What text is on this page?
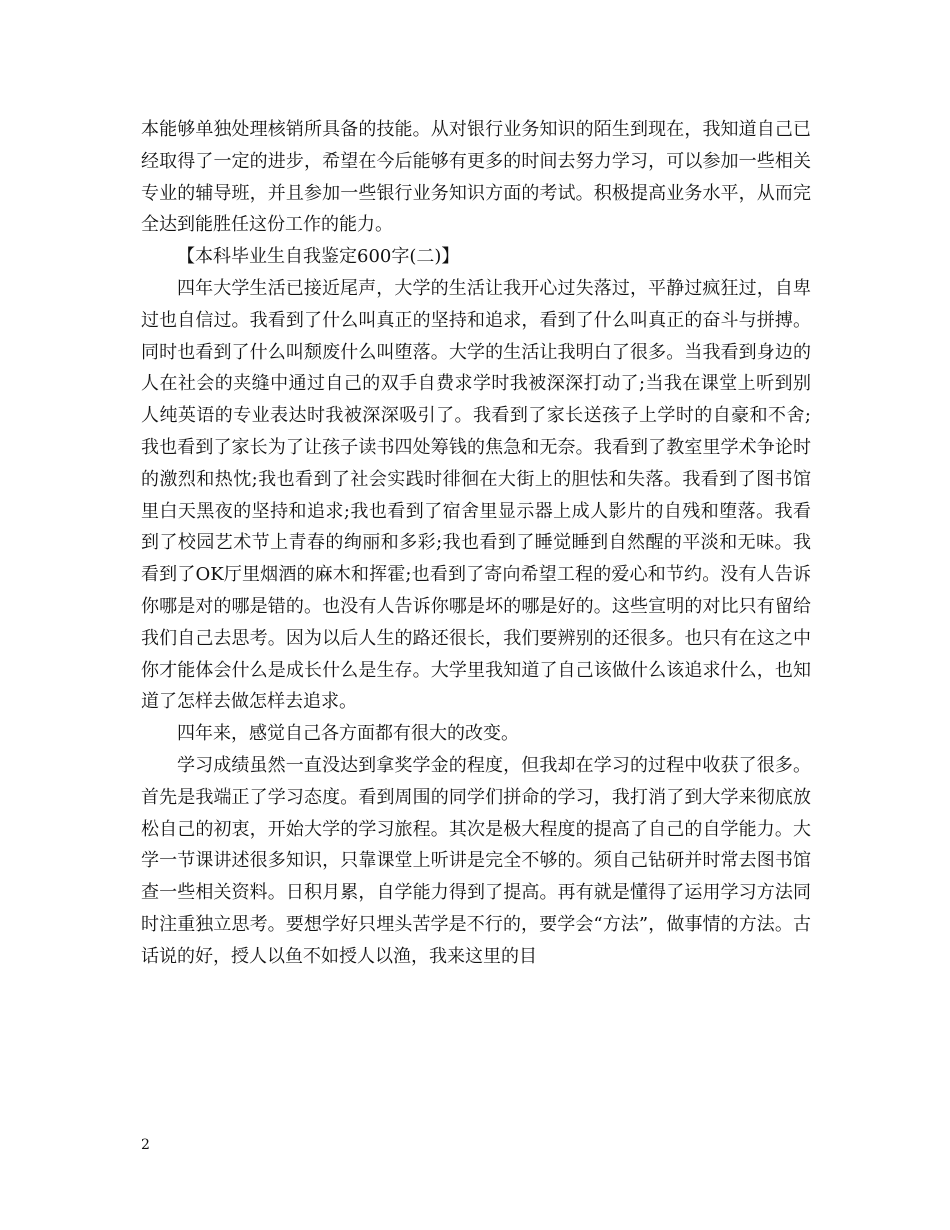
本能够单独处理核销所具备的技能。从对银行业务知识的陌生到现在，我知道自己已经取得了一定的进步，希望在今后能够有更多的时间去努力学习，可以参加一些相关专业的辅导班，并且参加一些银行业务知识方面的考试。积极提高业务水平，从而完全达到能胜任这份工作的能力。

【本科毕业生自我鉴定600字(二)】

四年大学生活已接近尾声，大学的生活让我开心过失落过，平静过疯狂过，自卑过也自信过。我看到了什么叫真正的坚持和追求，看到了什么叫真正的奋斗与拼搏。同时也看到了什么叫颓废什么叫堕落。大学的生活让我明白了很多。当我看到身边的人在社会的夹缝中通过自己的双手自费求学时我被深深打动了;当我在课堂上听到别人纯英语的专业表达时我被深深吸引了。我看到了家长送孩子上学时的自豪和不舍;我也看到了家长为了让孩子读书四处筹钱的焦急和无奈。我看到了教室里学术争论时的激烈和热忱;我也看到了社会实践时徘徊在大街上的胆怯和失落。我看到了图书馆里白天黑夜的坚持和追求;我也看到了宿舍里显示器上成人影片的自残和堕落。我看到了校园艺术节上青春的绚丽和多彩;我也看到了睡觉睡到自然醒的平淡和无味。我看到了OK厅里烟酒的麻木和挥霍;也看到了寄向希望工程的爱心和节约。没有人告诉你哪是对的哪是错的。也没有人告诉你哪是坏的哪是好的。这些宣明的对比只有留给我们自己去思考。因为以后人生的路还很长，我们要辨别的还很多。也只有在这之中你才能体会什么是成长什么是生存。大学里我知道了自己该做什么该追求什么，也知道了怎样去做怎样去追求。

四年来，感觉自己各方面都有很大的改变。

学习成绩虽然一直没达到拿奖学金的程度，但我却在学习的过程中收获了很多。首先是我端正了学习态度。看到周围的同学们拼命的学习，我打消了到大学来彻底放松自己的初衷，开始大学的学习旅程。其次是极大程度的提高了自己的自学能力。大学一节课讲述很多知识，只靠课堂上听讲是完全不够的。须自己钻研并时常去图书馆查一些相关资料。日积月累，自学能力得到了提高。再有就是懂得了运用学习方法同时注重独立思考。要想学好只埋头苦学是不行的，要学会“方法”，做事情的方法。古话说的好，授人以鱼不如授人以渔，我来这里的目

2
